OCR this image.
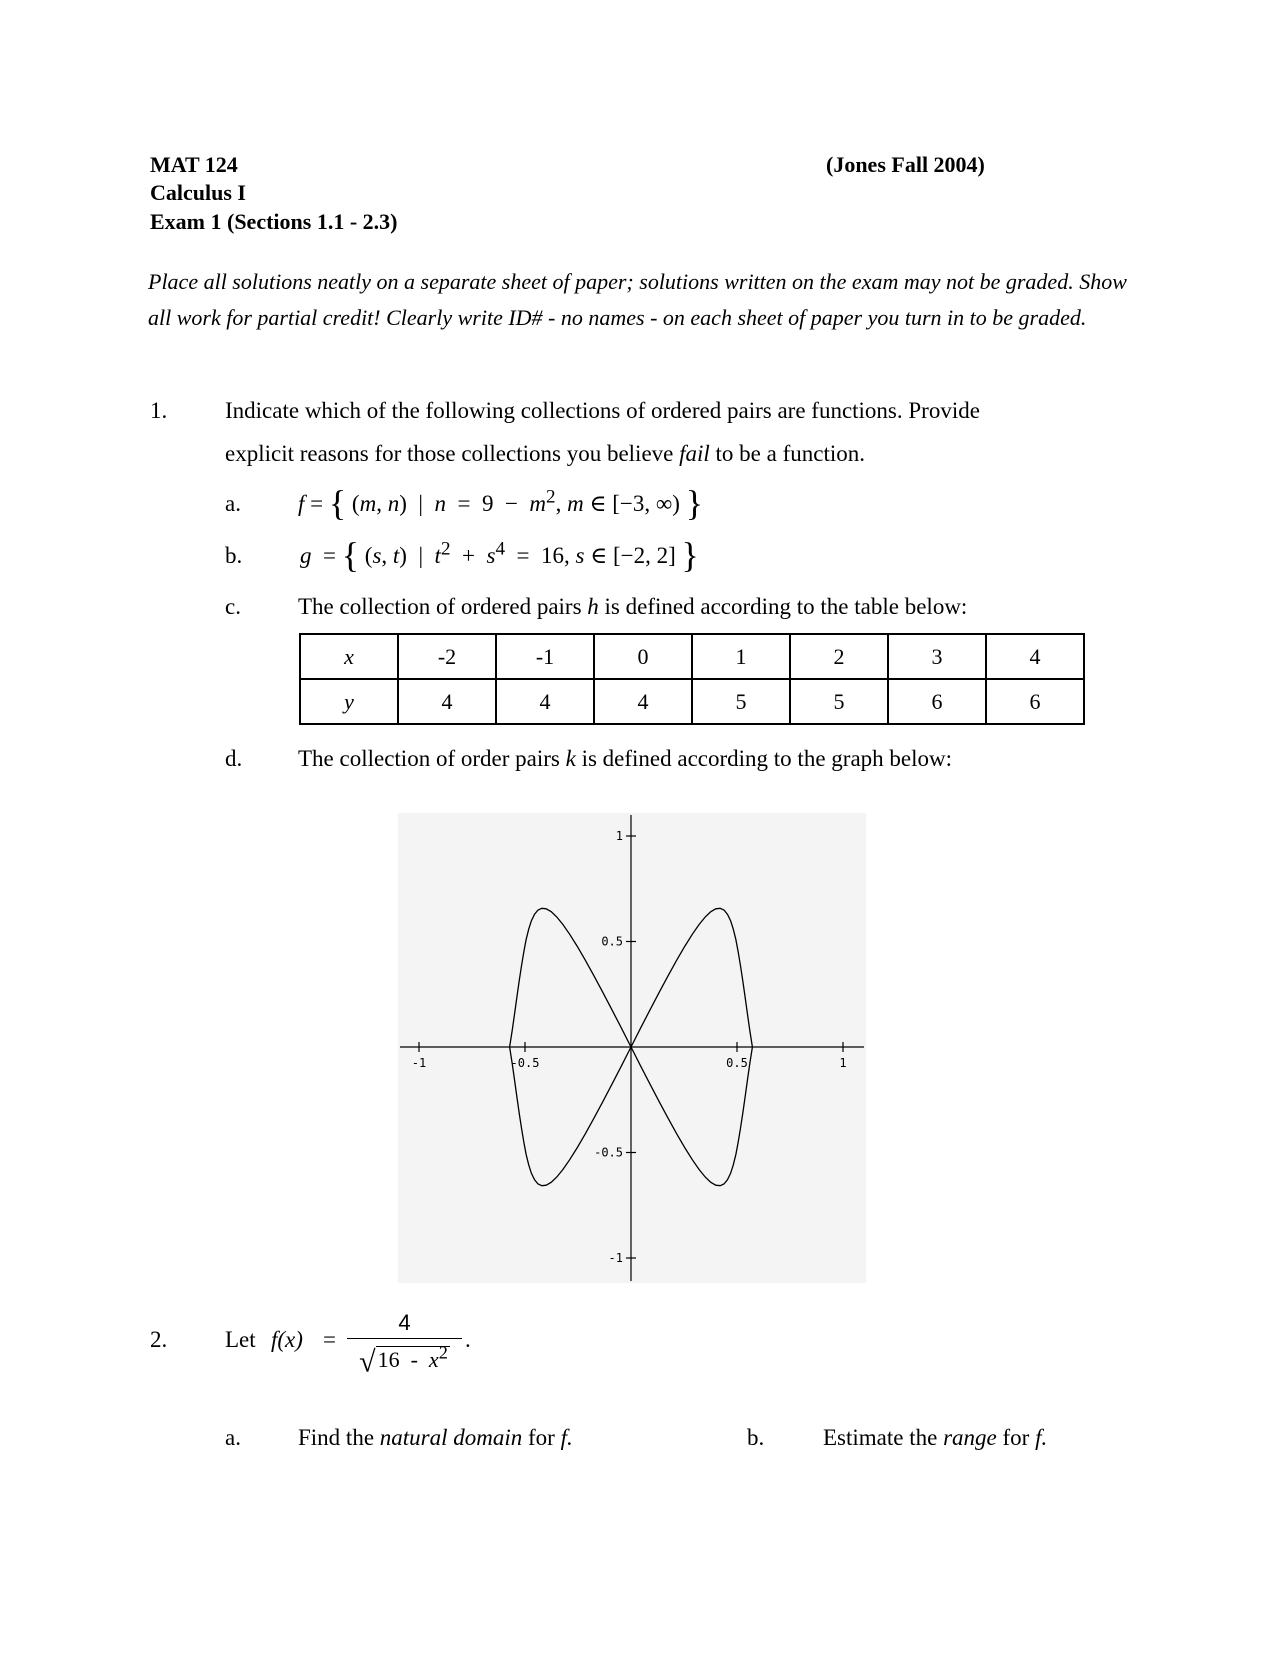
MAT 124	(Jones Fall 2004)
Calculus I
Exam 1 (Sections 1.1 - 2.3)
Place all solutions neatly on a separate sheet of paper; solutions written on the exam may not be graded. Show all work for partial credit! Clearly write ID# - no names - on each sheet of paper you turn in to be graded.
1.	Indicate which of the following collections of ordered pairs are functions. Provide
explicit reasons for those collections you believe fail to be a function.
a. f = { (m, n)  |  $n = 9 - m^2$, m ∈ [−3, ∞) }
b.	g  = { (s, t)  |  $t^2 + s^4 = 16$, s ∈ [−2, 2] }
c. The collection of ordered pairs h is defined according to the table below:
x	-2	-1	0	1	2	3	4
y	4	4	4	5	5	6	6
d. The collection of order pairs k is defined according to the graph below:
-1	-0.5	0.5	1
1
0.5
-0.5
-1
2.	Let $f(x) = \frac{4}{√16 - x^2}$ .
a. Find the natural domain for f.	b.	Estimate the range for f.
